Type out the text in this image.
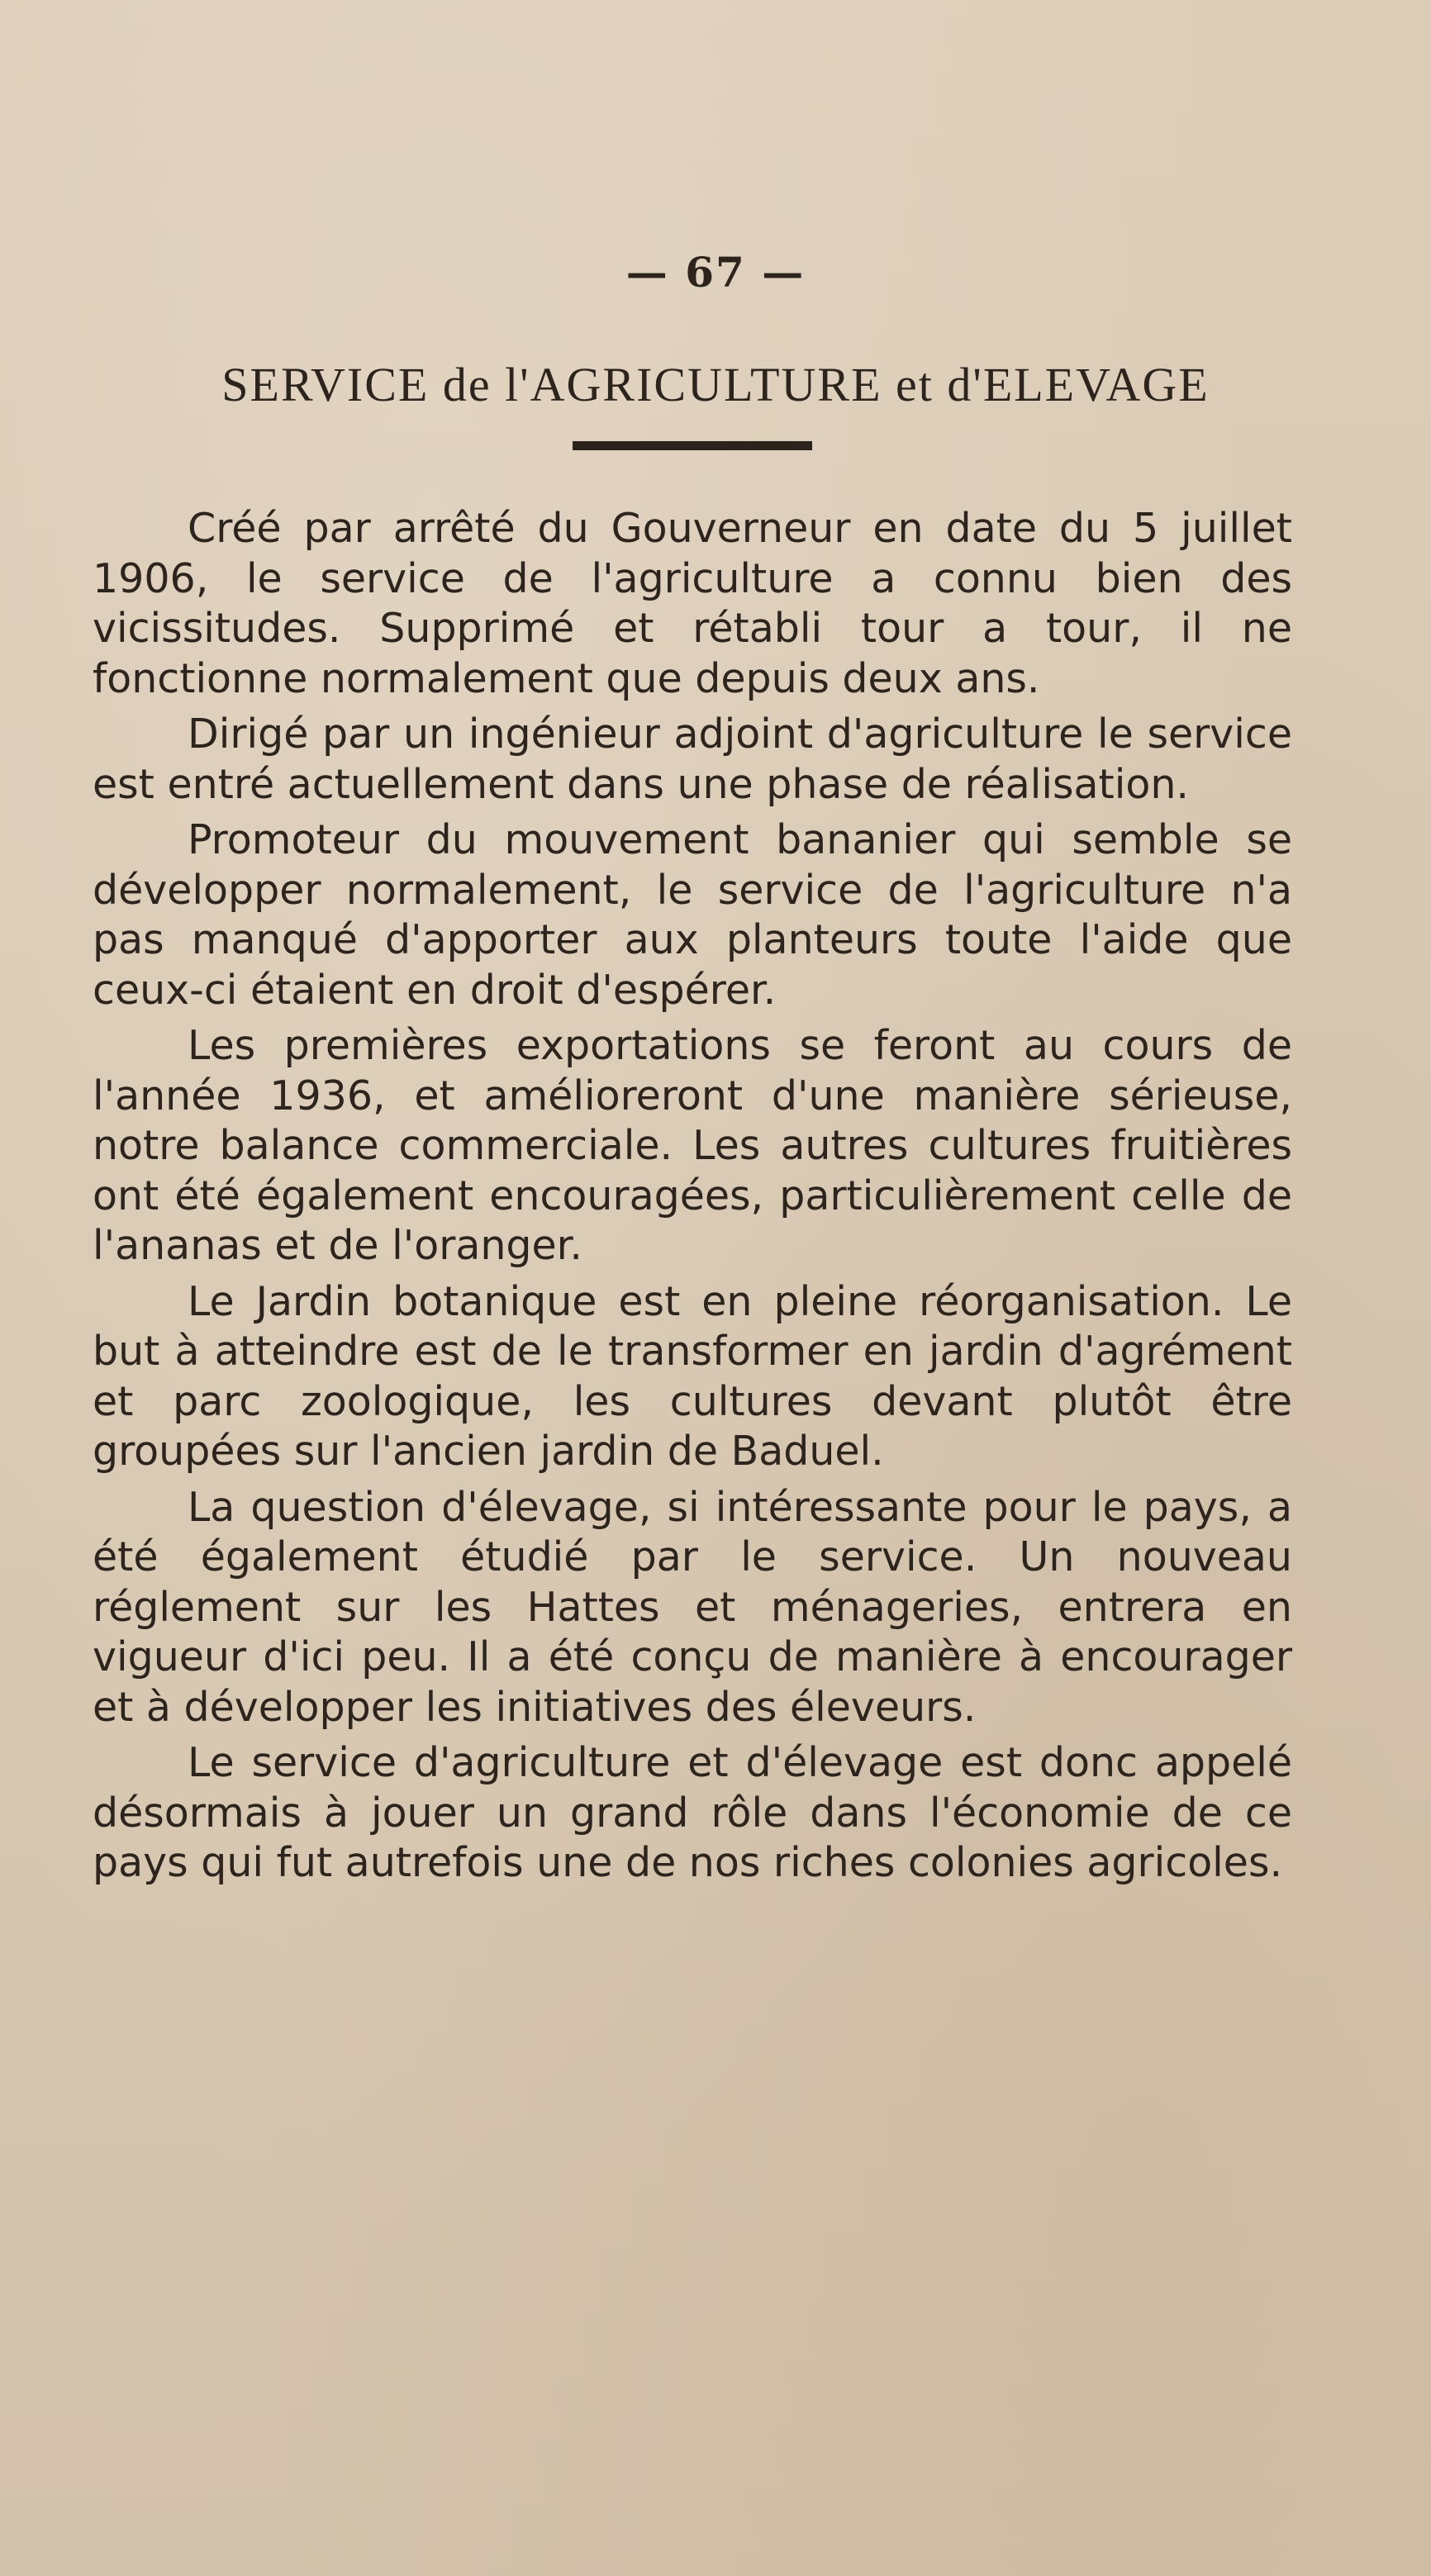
— 67 —
SERVICE de l'AGRICULTURE et d'ELEVAGE

Créé par arrêté du Gouverneur en date du 5 juillet 1906, le service de l'agriculture a connu bien des vicissitudes. Supprimé et rétabli tour a tour, il ne fonctionne normalement que depuis deux ans.

Dirigé par un ingénieur adjoint d'agriculture le service est entré actuellement dans une phase de réalisation.

Promoteur du mouvement bananier qui semble se développer normalement, le service de l'agriculture n'a pas manqué d'apporter aux planteurs toute l'aide que ceux-ci étaient en droit d'espérer.

Les premières exportations se feront au cours de l'année 1936, et amélioreront d'une manière sérieuse, notre balance commerciale. Les autres cultures fruitières ont été également encouragées, particulièrement celle de l'ananas et de l'oranger.

Le Jardin botanique est en pleine réorganisation. Le but à atteindre est de le transformer en jardin d'agrément et parc zoologique, les cultures devant plutôt être groupées sur l'ancien jardin de Baduel.

La question d'élevage, si intéressante pour le pays, a été également étudié par le service. Un nouveau réglement sur les Hattes et ménageries, entrera en vigueur d'ici peu. Il a été conçu de manière à encourager et à développer les initiatives des éleveurs.

Le service d'agriculture et d'élevage est donc appelé désormais à jouer un grand rôle dans l'économie de ce pays qui fut autrefois une de nos riches colonies agricoles.
